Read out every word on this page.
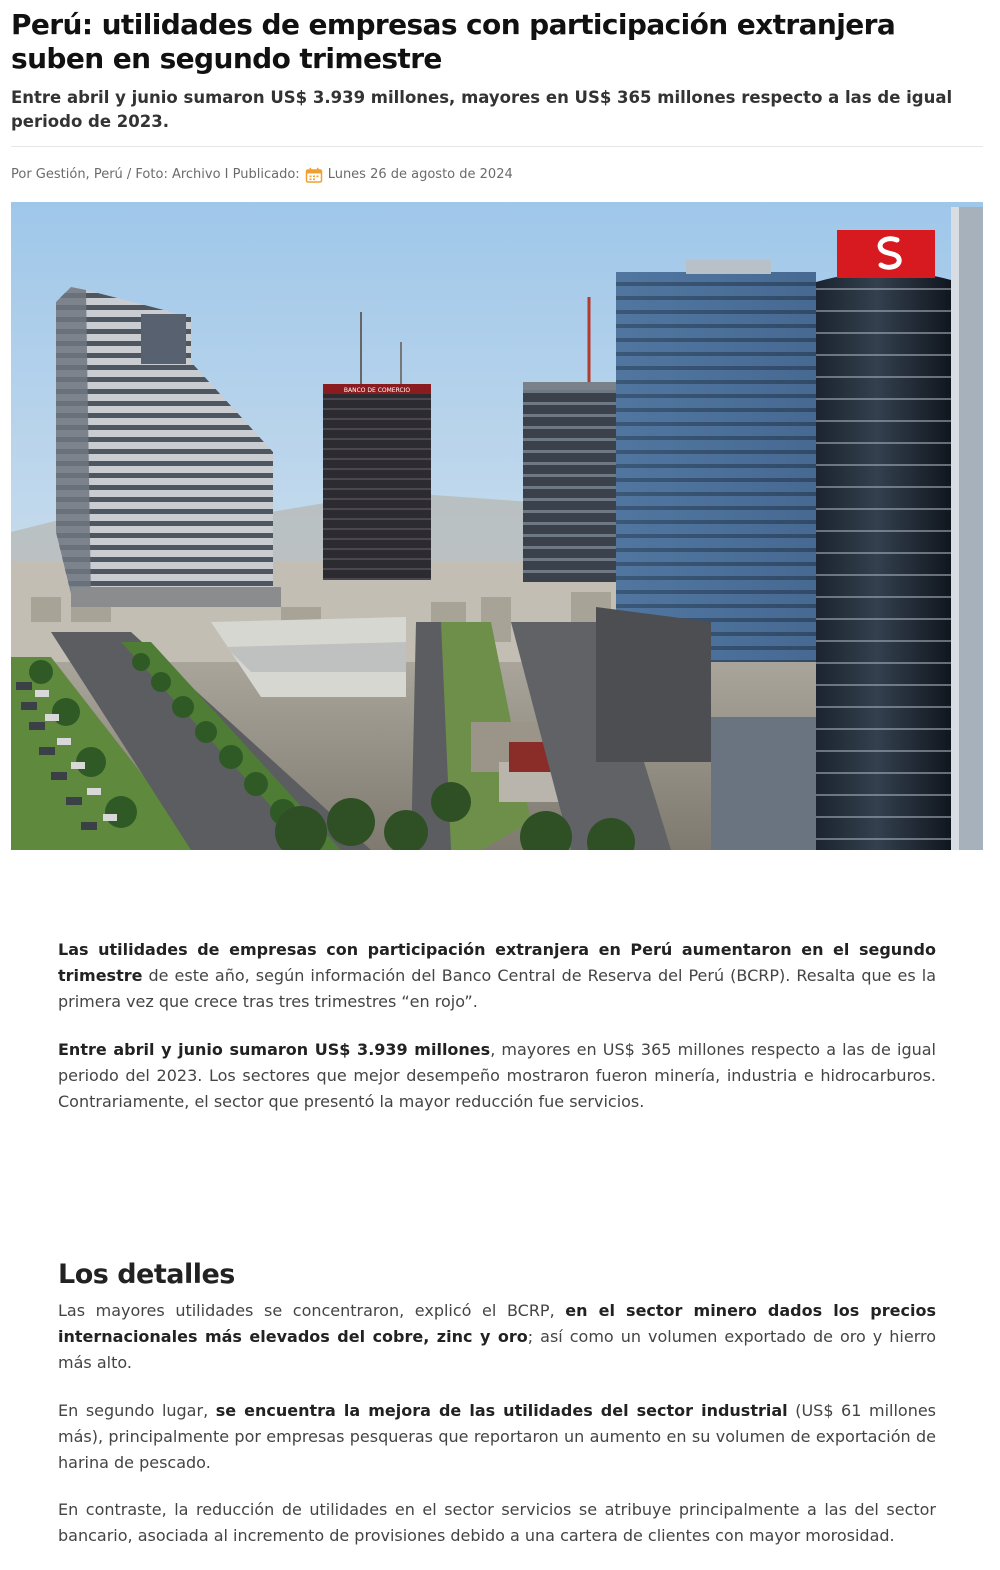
Perú: utilidades de empresas con participación extranjera suben en segundo trimestre

Entre abril y junio sumaron US$ 3.939 millones, mayores en US$ 365 millones respecto a las de igual periodo de 2023.

Por Gestión, Perú / Foto: Archivo I Publicado: Lunes 26 de agosto de 2024
BANCO DE COMERCIO

Las utilidades de empresas con participación extranjera en Perú aumentaron en el segundo trimestre de este año, según información del Banco Central de Reserva del Perú (BCRP). Resalta que es la primera vez que crece tras tres trimestres “en rojo”.

Entre abril y junio sumaron US$ 3.939 millones, mayores en US$ 365 millones respecto a las de igual periodo del 2023. Los sectores que mejor desempeño mostraron fueron minería, industria e hidrocarburos. Contrariamente, el sector que presentó la mayor reducción fue servicios.

Los detalles

Las mayores utilidades se concentraron, explicó el BCRP, en el sector minero dados los precios internacionales más elevados del cobre, zinc y oro; así como un volumen exportado de oro y hierro más alto.

En segundo lugar, se encuentra la mejora de las utilidades del sector industrial (US$ 61 millones más), principalmente por empresas pesqueras que reportaron un aumento en su volumen de exportación de harina de pescado.

En contraste, la reducción de utilidades en el sector servicios se atribuye principalmente a las del sector bancario, asociada al incremento de provisiones debido a una cartera de clientes con mayor morosidad.
